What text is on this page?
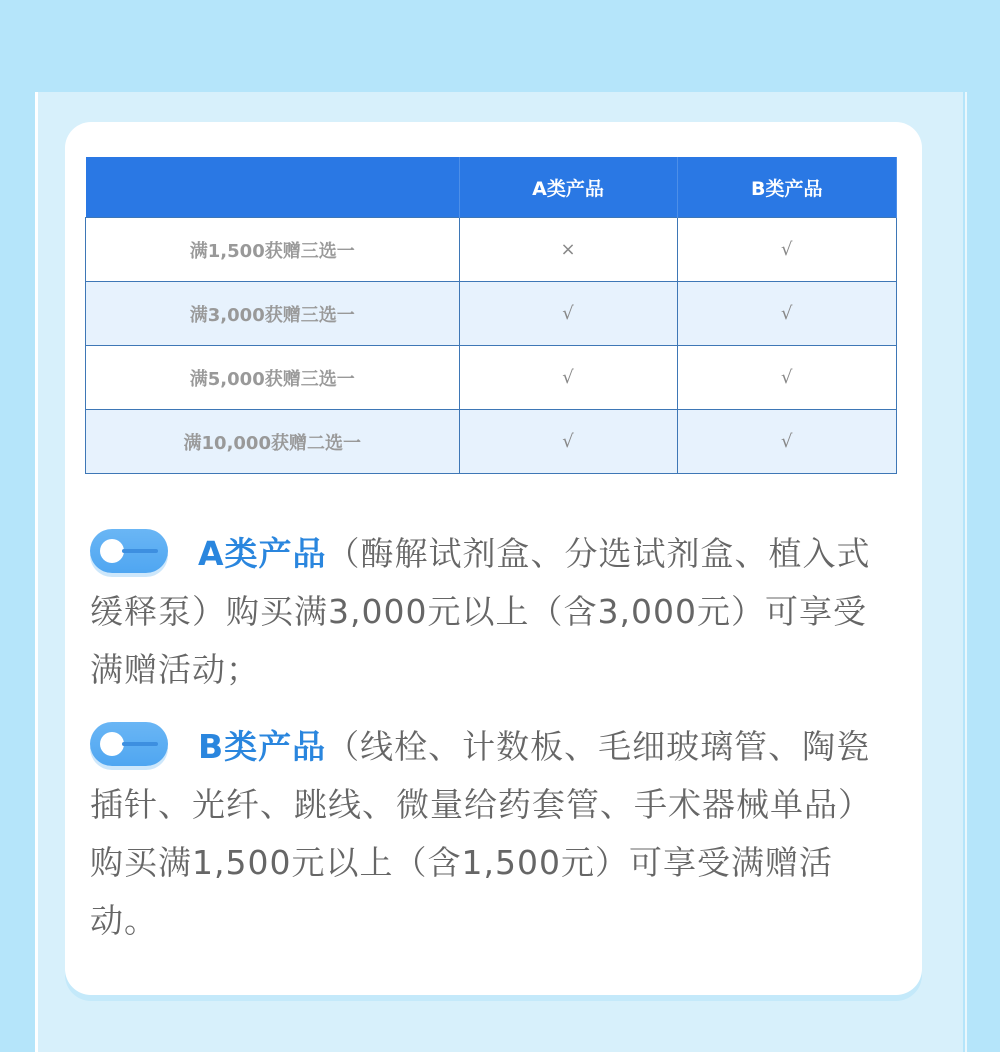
	A类产品	B类产品
满1,500获赠三选一	×	√
满3,000获赠三选一	√	√
满5,000获赠三选一	√	√
满10,000获赠二选一	√	√
A类产品（酶解试剂盒、分选试剂盒、植入式缓释泵）购买满3,000元以上（含3,000元）可享受满赠活动；
B类产品（线栓、计数板、毛细玻璃管、陶瓷插针、光纤、跳线、微量给药套管、手术器械单品）购买满1,500元以上（含1,500元）可享受满赠活动。
